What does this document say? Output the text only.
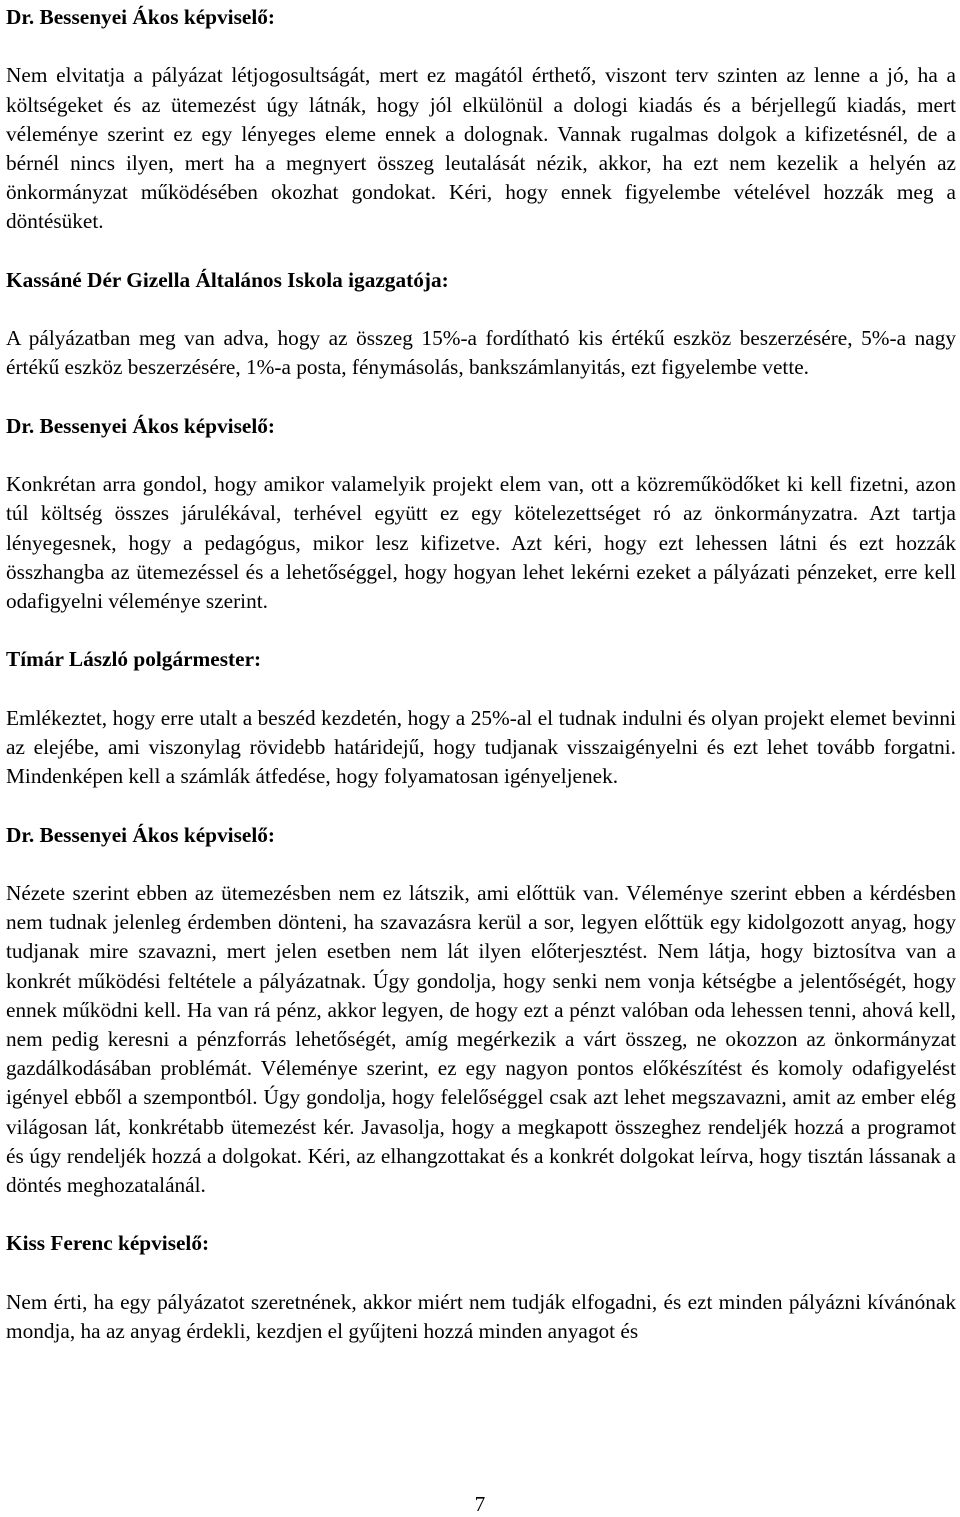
Dr. Bessenyei Ákos képviselő:

Nem elvitatja a pályázat létjogosultságát, mert ez magától érthető, viszont terv szinten az lenne a jó, ha a költségeket és az ütemezést úgy látnák, hogy jól elkülönül a dologi kiadás és a bérjellegű kiadás, mert véleménye szerint ez egy lényeges eleme ennek a dolognak. Vannak rugalmas dolgok a kifizetésnél, de a bérnél nincs ilyen, mert ha a megnyert összeg leutalását nézik, akkor, ha ezt nem kezelik a helyén az önkormányzat működésében okozhat gondokat. Kéri, hogy ennek figyelembe vételével hozzák meg a döntésüket.

Kassáné Dér Gizella Általános Iskola igazgatója:

A pályázatban meg van adva, hogy az összeg 15%-a fordítható kis értékű eszköz beszerzésére, 5%-a nagy értékű eszköz beszerzésére, 1%-a posta, fénymásolás, bankszámlanyitás, ezt figyelembe vette.

Dr. Bessenyei Ákos képviselő:

Konkrétan arra gondol, hogy amikor valamelyik projekt elem van, ott a közreműködőket ki kell fizetni, azon túl költség összes járulékával, terhével együtt ez egy kötelezettséget ró az önkormányzatra. Azt tartja lényegesnek, hogy a pedagógus, mikor lesz kifizetve. Azt kéri, hogy ezt lehessen látni és ezt hozzák összhangba az ütemezéssel és a lehetőséggel, hogy hogyan lehet lekérni ezeket a pályázati pénzeket, erre kell odafigyelni véleménye szerint.

Tímár László polgármester:

Emlékeztet, hogy erre utalt a beszéd kezdetén, hogy a 25%-al el tudnak indulni és olyan projekt elemet bevinni az elejébe, ami viszonylag rövidebb határidejű, hogy tudjanak visszaigényelni és ezt lehet tovább forgatni. Mindenképen kell a számlák átfedése, hogy folyamatosan igényeljenek.

Dr. Bessenyei Ákos képviselő:

Nézete szerint ebben az ütemezésben nem ez látszik, ami előttük van. Véleménye szerint ebben a kérdésben nem tudnak jelenleg érdemben dönteni, ha szavazásra kerül a sor, legyen előttük egy kidolgozott anyag, hogy tudjanak mire szavazni, mert jelen esetben nem lát ilyen előterjesztést. Nem látja, hogy biztosítva van a konkrét működési feltétele a pályázatnak. Úgy gondolja, hogy senki nem vonja kétségbe a jelentőségét, hogy ennek működni kell. Ha van rá pénz, akkor legyen, de hogy ezt a pénzt valóban oda lehessen tenni, ahová kell, nem pedig keresni a pénzforrás lehetőségét, amíg megérkezik a várt összeg, ne okozzon az önkormányzat gazdálkodásában problémát. Véleménye szerint, ez egy nagyon pontos előkészítést és komoly odafigyelést igényel ebből a szempontból. Úgy gondolja, hogy felelőséggel csak azt lehet megszavazni, amit az ember elég világosan lát, konkrétabb ütemezést kér. Javasolja, hogy a megkapott összeghez rendeljék hozzá a programot és úgy rendeljék hozzá a dolgokat. Kéri, az elhangzottakat és a konkrét dolgokat leírva, hogy tisztán lássanak a döntés meghozatalánál.

Kiss Ferenc képviselő:

Nem érti, ha egy pályázatot szeretnének, akkor miért nem tudják elfogadni, és ezt minden pályázni kívánónak mondja, ha az anyag érdekli, kezdjen el gyűjteni hozzá minden anyagot és

7
